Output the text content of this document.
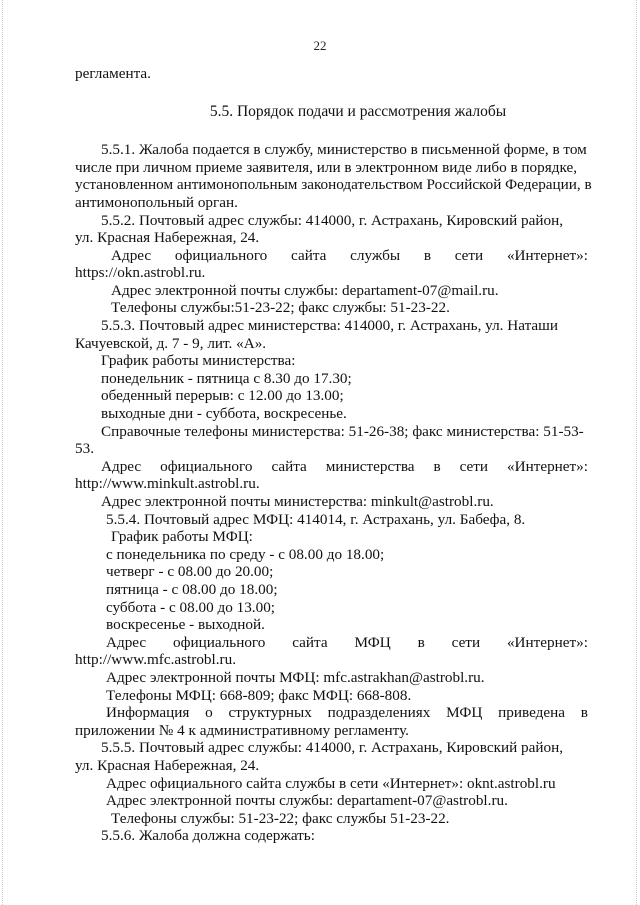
22
регламента.
5.5. Порядок подачи и рассмотрения жалобы
5.5.1. Жалоба подается в службу, министерство в письменной форме, в том
числе при личном приеме заявителя, или в электронном виде либо в порядке,
установленном антимонопольным законодательством Российской Федерации, в
антимонопольный орган.
5.5.2. Почтовый адрес службы: 414000, г. Астрахань, Кировский район,
ул. Красная Набережная, 24.
Адрес официального сайта службы в сети «Интернет»:
https://okn.astrobl.ru.
Адрес электронной почты службы: departament-07@mail.ru.
Телефоны службы:51-23-22; факс службы: 51-23-22.
5.5.3. Почтовый адрес министерства: 414000, г. Астрахань, ул. Наташи
Качуевской, д. 7 - 9, лит. «А».
График работы министерства:
понедельник - пятница с 8.30 до 17.30;
обеденный перерыв: с 12.00 до 13.00;
выходные дни - суббота, воскресенье.
Справочные телефоны министерства: 51-26-38; факс министерства: 51-53-
53.
Адрес официального сайта министерства в сети «Интернет»:
http://www.minkult.astrobl.ru.
Адрес электронной почты министерства: minkult@astrobl.ru.
5.5.4. Почтовый адрес МФЦ: 414014, г. Астрахань, ул. Бабефа, 8.
График работы МФЦ:
с понедельника по среду - с 08.00 до 18.00;
четверг - с 08.00 до 20.00;
пятница - с 08.00 до 18.00;
суббота - с 08.00 до 13.00;
воскресенье - выходной.
Адрес официального сайта МФЦ в сети «Интернет»:
http://www.mfc.astrobl.ru.
Адрес электронной почты МФЦ: mfc.astrakhan@astrobl.ru.
Телефоны МФЦ: 668-809; факс МФЦ: 668-808.
Информация о структурных подразделениях МФЦ приведена в
приложении № 4 к административному регламенту.
5.5.5. Почтовый адрес службы: 414000, г. Астрахань, Кировский район,
ул. Красная Набережная, 24.
Адрес официального сайта службы в сети «Интернет»: oknt.astrobl.ru
Адрес электронной почты службы: departament-07@astrobl.ru.
Телефоны службы: 51-23-22; факс службы 51-23-22.
5.5.6. Жалоба должна содержать:
